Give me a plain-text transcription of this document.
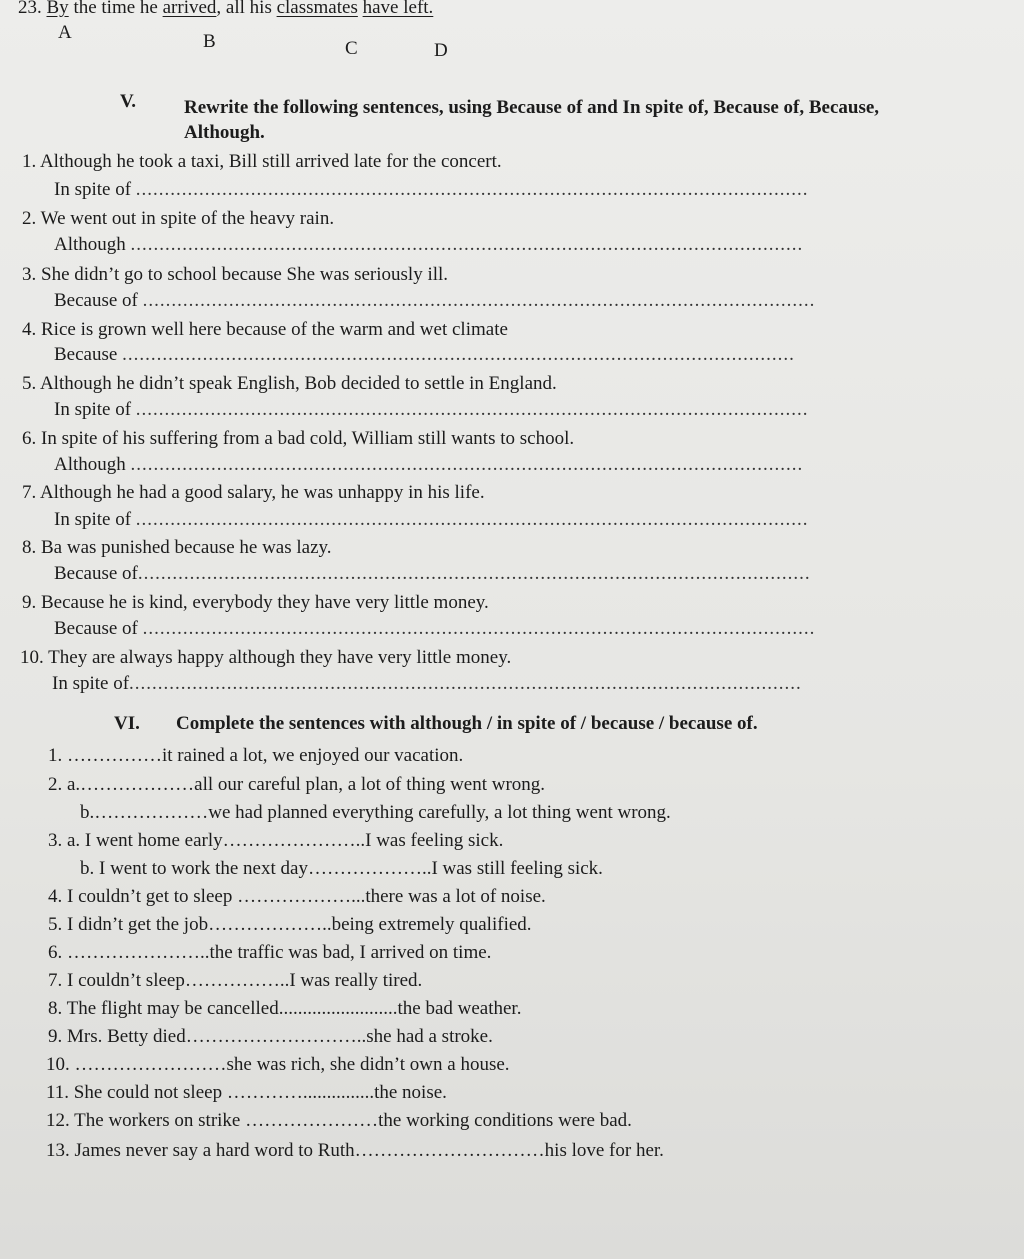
23. By the time he arrived, all his classmates have left.
A	B	C	D
V.	Rewrite the following sentences, using Because of and In spite of, Because of, Because,
Although.
1. Although he took a taxi, Bill still arrived late for the concert.
In spite of .....................................................................................................................
2. We went out in spite of the heavy rain.
Although .....................................................................................................................
3. She didn’t go to school because She was seriously ill.
Because of .....................................................................................................................
4. Rice is grown well here because of the warm and wet climate
Because .....................................................................................................................
5. Although he didn’t speak English, Bob decided to settle in England.
In spite of .....................................................................................................................
6. In spite of his suffering from a bad cold, William still wants to school.
Although .....................................................................................................................
7. Although he had a good salary, he was unhappy in his life.
In spite of .....................................................................................................................
8. Ba was punished because he was lazy.
Because of.....................................................................................................................
9. Because he is kind, everybody they have very little money.
Because of .....................................................................................................................
10. They are always happy although they have very little money.
In spite of.....................................................................................................................
VI. Complete the sentences with although / in spite of / because / because of.
1. ……………it rained a lot, we enjoyed our vacation.
2. a.………………all our careful plan, a lot of thing went wrong.
b.………………we had planned everything carefully, a lot thing went wrong.
3. a. I went home early…………………..I was feeling sick.
b. I went to work the next day………………..I was still feeling sick.
4. I couldn’t get to sleep ………………...there was a lot of noise.
5. I didn’t get the job………………..being extremely qualified.
6. …………………..the traffic was bad, I arrived on time.
7. I couldn’t sleep……………..I was really tired.
8. The flight may be cancelled.........................the bad weather.
9. Mrs. Betty died………………………..she had a stroke.
10. ……………………she was rich, she didn’t own a house.
11. She could not sleep …………...............the noise.
12. The workers on strike …………………the working conditions were bad.
13. James never say a hard word to Ruth…………………………his love for her.
